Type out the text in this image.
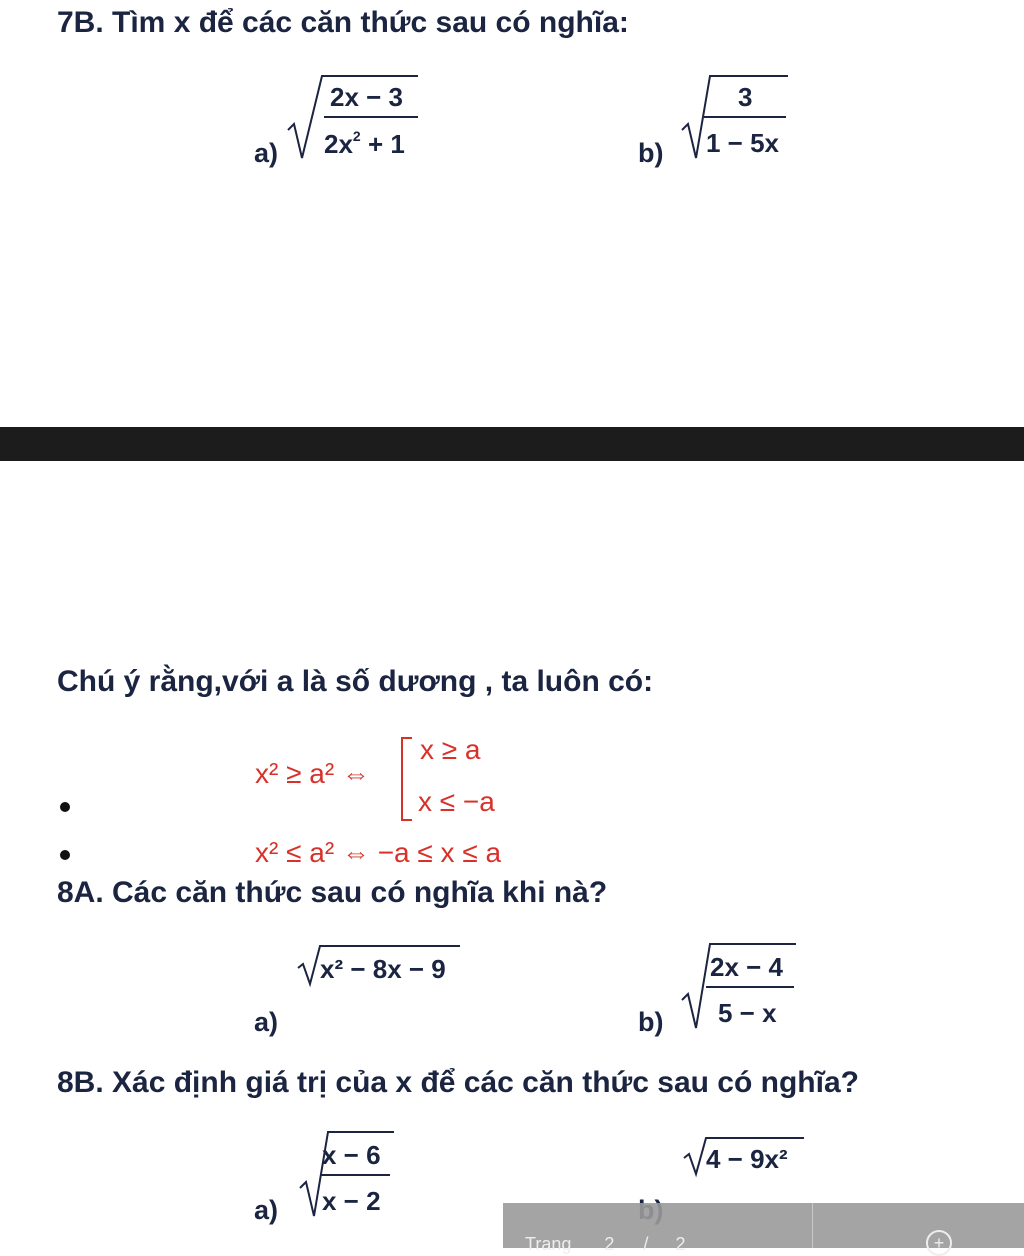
7B. Tìm x để các căn thức sau có nghĩa:
a)
2x − 3
$2x^2 + 1$	b)
3
1 − 5x
Chú ý rằng,với a là số dương , ta luôn có:
x² ≥ a² ⇔
x ≥ a
x ≤ −a
x² ≤ a² ⇔ −a ≤ x ≤ a
8A. Các căn thức sau có nghĩa khi nà?
a)
x² − 8x − 9
b)
2x − 4
5 − x
8B. Xác định giá trị của x để các căn thức sau có nghĩa?
a)
x − 6
x − 2
4 − 9x²
Trang 2 / 2	+
